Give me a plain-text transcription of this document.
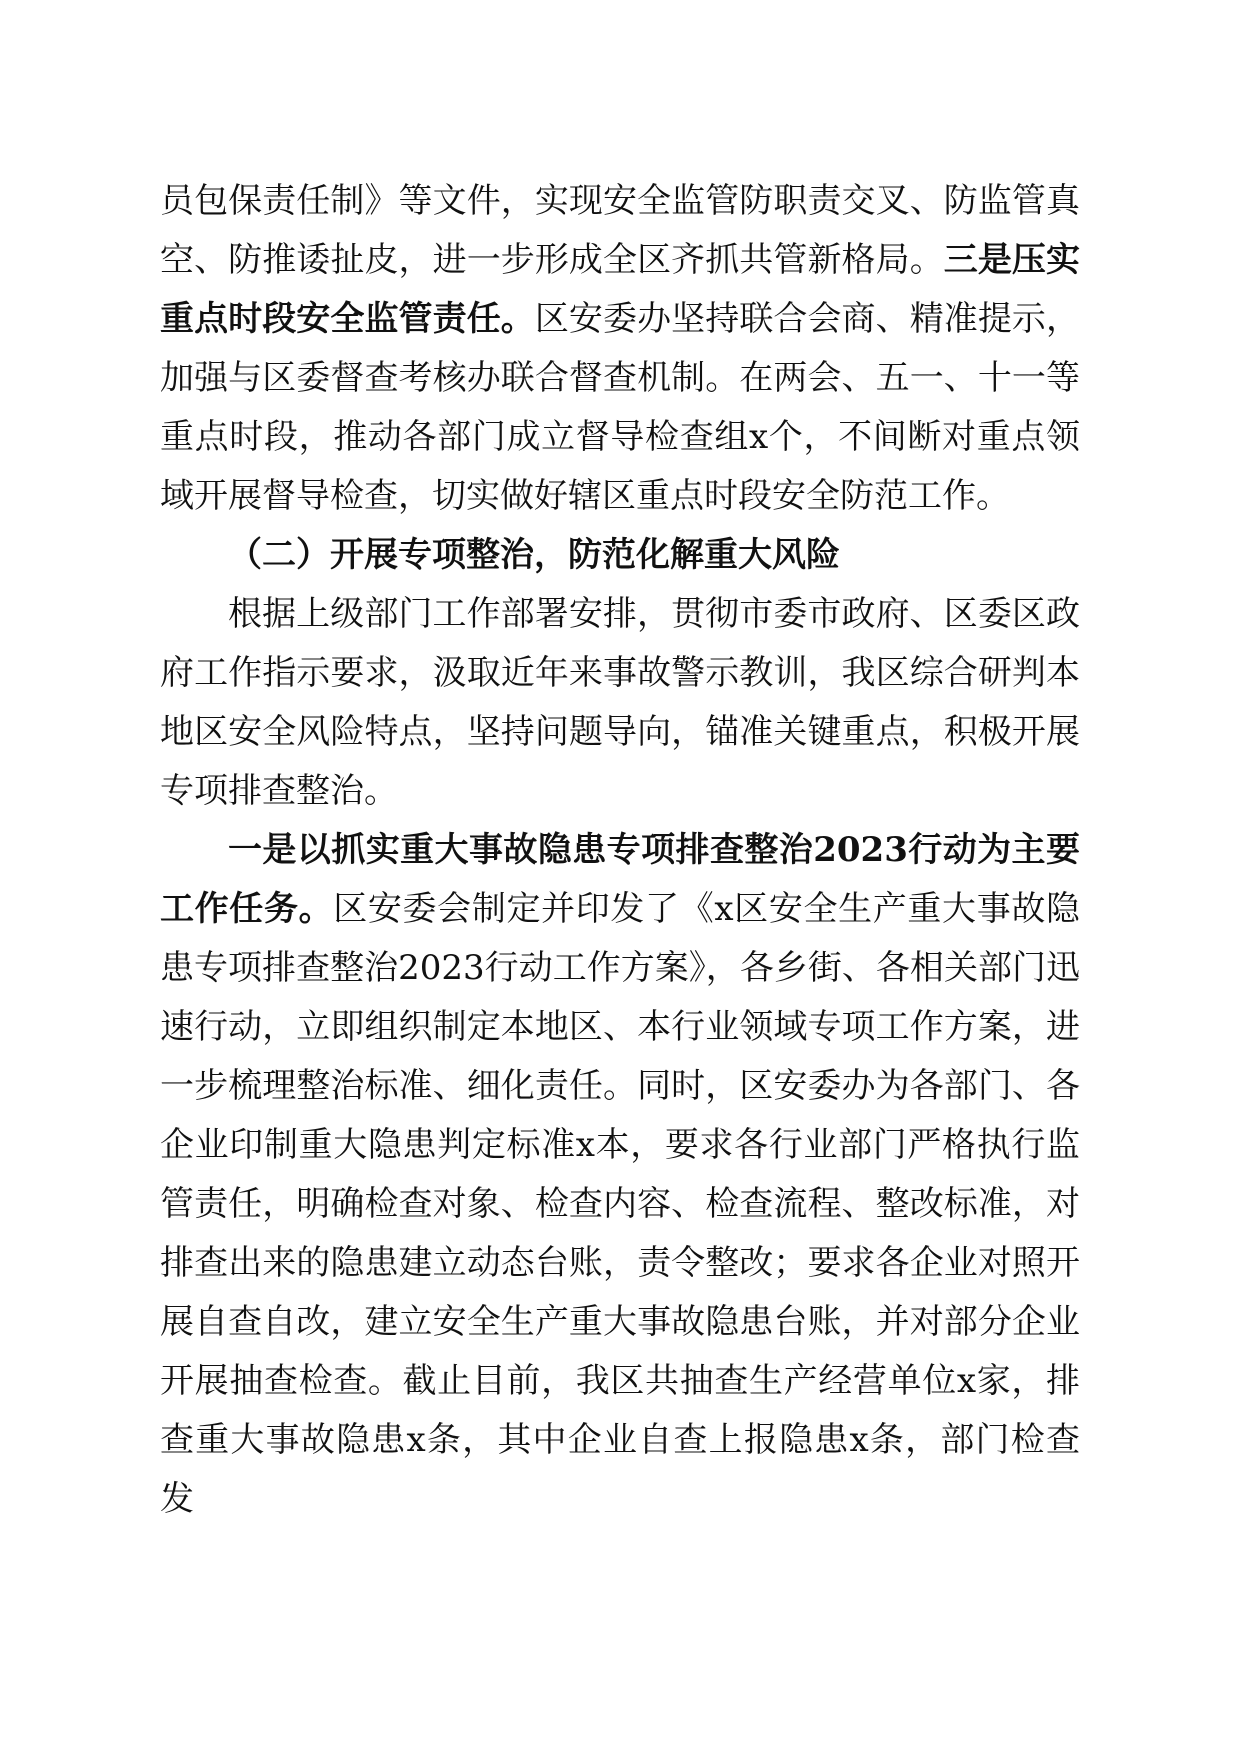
员包保责任制》等文件，实现安全监管防职责交叉、防监管真空、防推诿扯皮，进一步形成全区齐抓共管新格局。三是压实重点时段安全监管责任。区安委办坚持联合会商、精准提示，加强与区委督查考核办联合督查机制。在两会、五一、十一等重点时段，推动各部门成立督导检查组x个，不间断对重点领域开展督导检查，切实做好辖区重点时段安全防范工作。

（二）开展专项整治，防范化解重大风险

根据上级部门工作部署安排，贯彻市委市政府、区委区政府工作指示要求，汲取近年来事故警示教训，我区综合研判本地区安全风险特点，坚持问题导向，锚准关键重点，积极开展专项排查整治。

一是以抓实重大事故隐患专项排查整治2023行动为主要工作任务。区安委会制定并印发了《x区安全生产重大事故隐患专项排查整治2023行动工作方案》，各乡街、各相关部门迅速行动，立即组织制定本地区、本行业领域专项工作方案，进一步梳理整治标准、细化责任。同时，区安委办为各部门、各企业印制重大隐患判定标准x本，要求各行业部门严格执行监管责任，明确检查对象、检查内容、检查流程、整改标准，对排查出来的隐患建立动态台账，责令整改；要求各企业对照开展自查自改，建立安全生产重大事故隐患台账，并对部分企业开展抽查检查。截止目前，我区共抽查生产经营单位x家，排查重大事故隐患x条，其中企业自查上报隐患x条，部门检查发
